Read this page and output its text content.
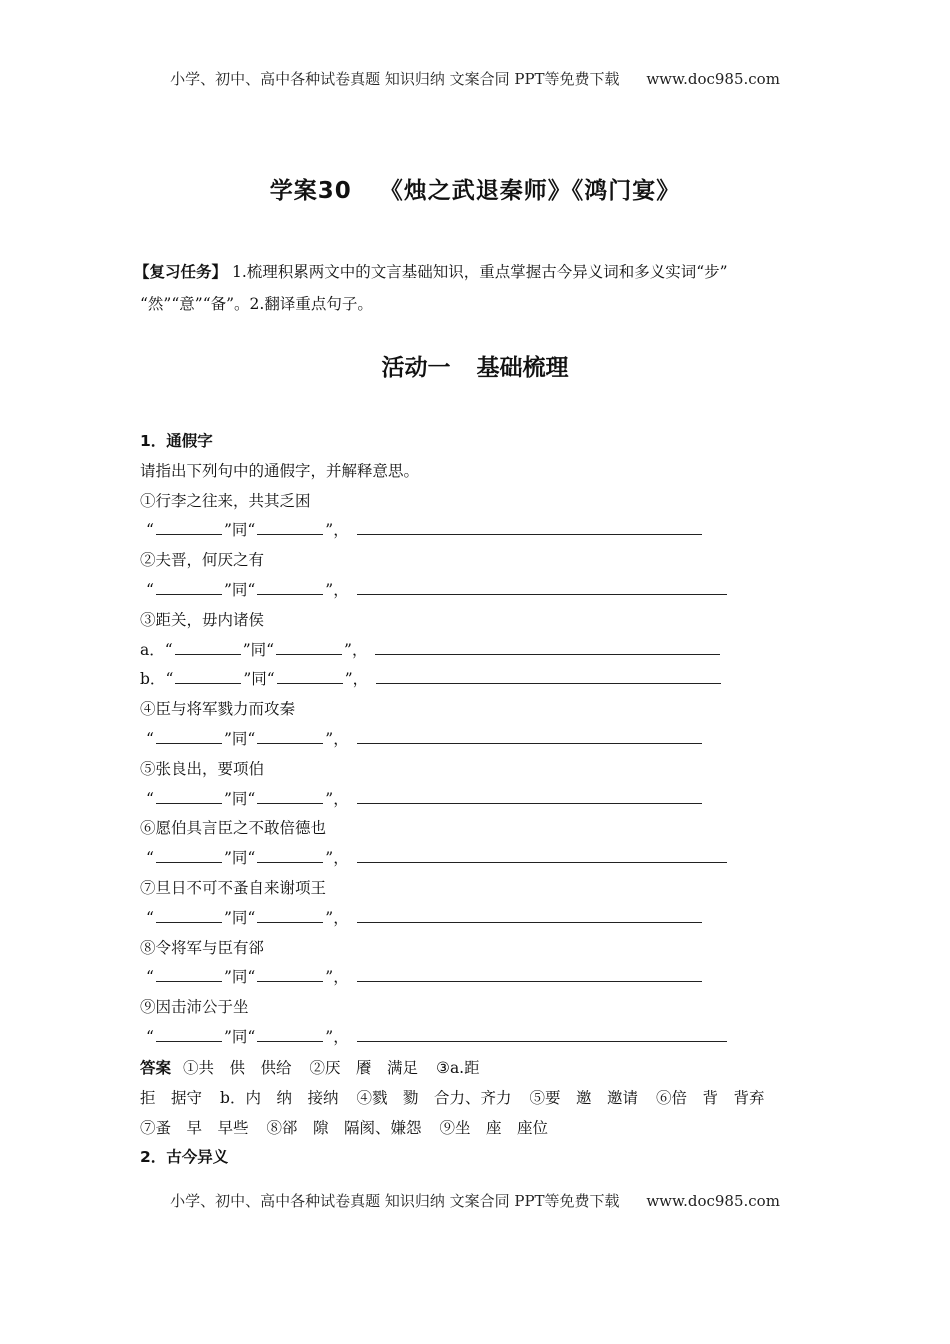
小学、初中、高中各种试卷真题 知识归纳 文案合同 PPT等免费下载 www.doc985.com
学案30 《烛之武退秦师》《鸿门宴》
【复习任务】 1.梳理积累两文中的文言基础知识，重点掌握古今异义词和多义实词“步”
“然”“意”“备”。2.翻译重点句子。
活动一 基础梳理
1．通假字
请指出下列句中的通假字，并解释意思。
①行李之往来，共其乏困
“	”同“	”，
②夫晋，何厌之有
“	”同“	”，
③距关，毋内诸侯
a．“	”同“	”，
b．“	”同“	”，
④臣与将军戮力而攻秦
“	”同“	”，
⑤张良出，要项伯
“	”同“	”，
⑥愿伯具言臣之不敢倍德也
“	”同“	”，
⑦旦日不可不蚤自来谢项王
“	”同“	”，
⑧令将军与臣有郤
“	”同“	”，
⑨因击沛公于坐
“	”同“	”，
答案 ①共　供　供给 ②厌　餍　满足 ③a.距
拒　据守 b．内　纳　接纳 ④戮　勠　合力、齐力 ⑤要　邀　邀请 ⑥倍　背　背弃
⑦蚤　早　早些 ⑧郤　隙　隔阂、嫌怨 ⑨坐　座　座位
2．古今异义
小学、初中、高中各种试卷真题 知识归纳 文案合同 PPT等免费下载 www.doc985.com
